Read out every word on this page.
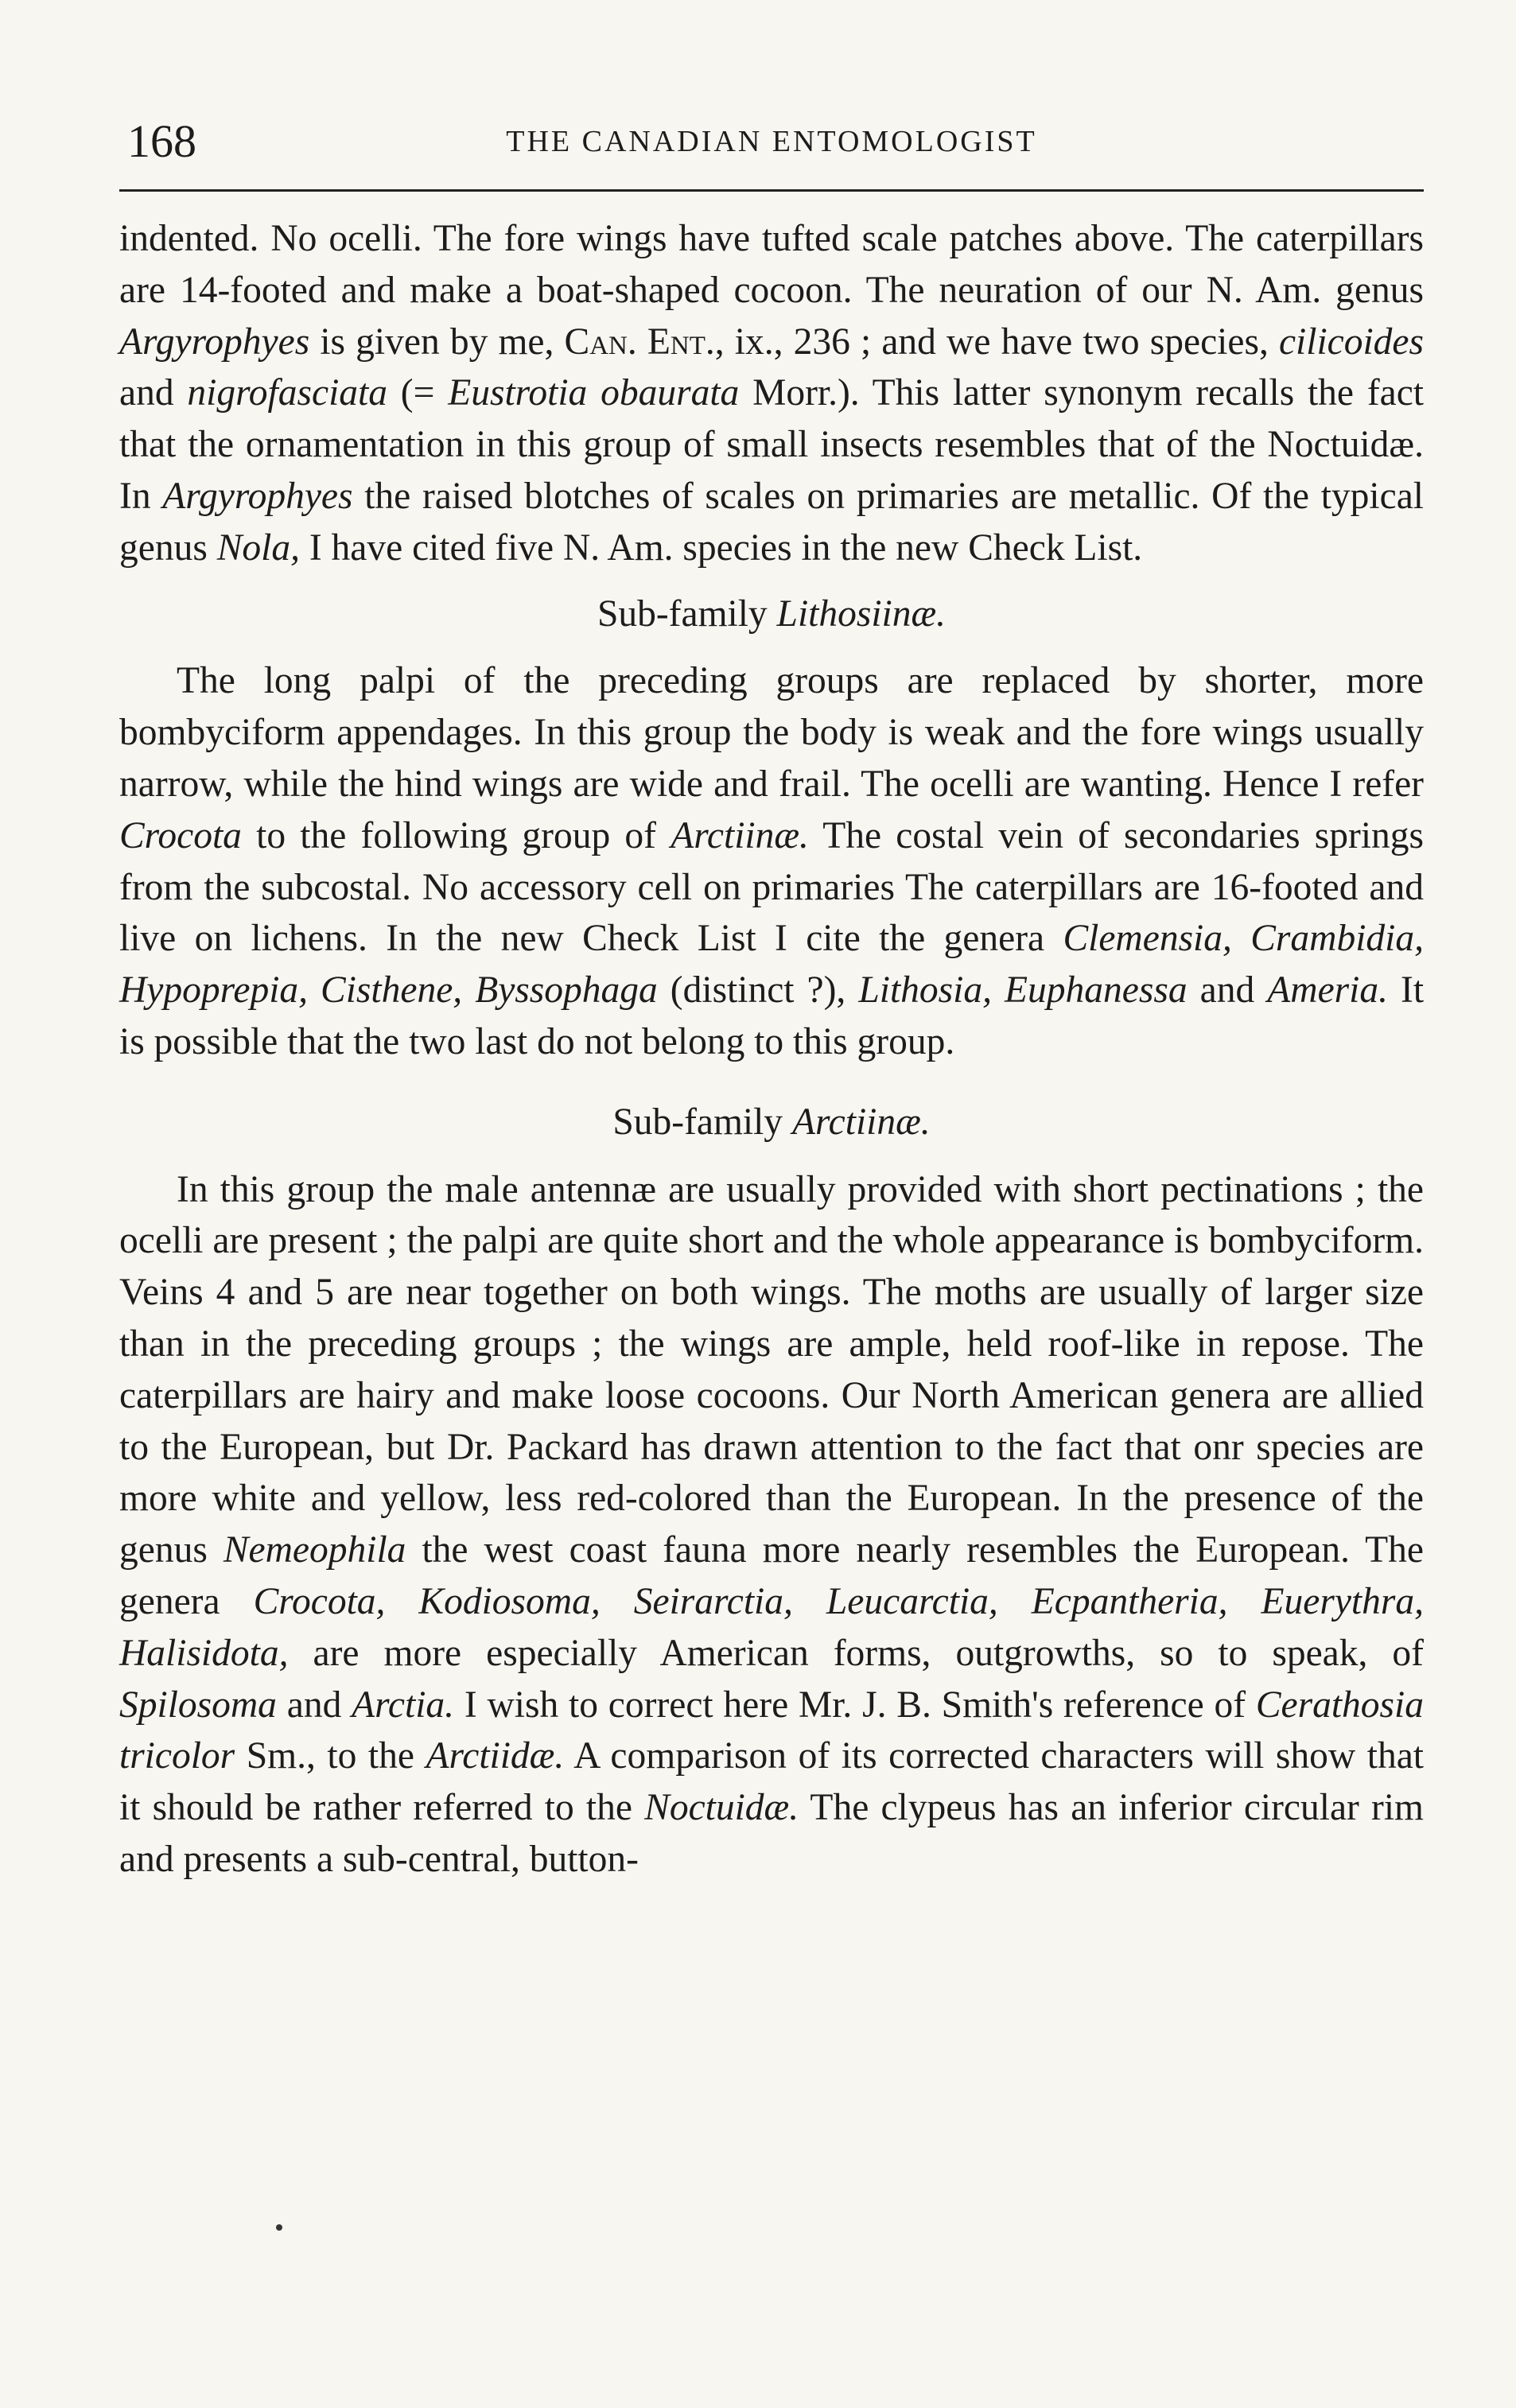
168	THE CANADIAN ENTOMOLOGIST

indented. No ocelli. The fore wings have tufted scale patches above. The caterpillars are 14-footed and make a boat-shaped cocoon. The neuration of our N. Am. genus Argyrophyes is given by me, Can. Ent., ix., 236 ; and we have two species, cilicoides and nigrofasciata (= Eustrotia obaurata Morr.). This latter synonym recalls the fact that the ornamentation in this group of small insects resembles that of the Noctuidæ. In Argyrophyes the raised blotches of scales on primaries are metallic. Of the typical genus Nola, I have cited five N. Am. species in the new Check List.

Sub-family Lithosiinæ.

The long palpi of the preceding groups are replaced by shorter, more bombyciform appendages. In this group the body is weak and the fore wings usually narrow, while the hind wings are wide and frail. The ocelli are wanting. Hence I refer Crocota to the following group of Arctiinæ. The costal vein of secondaries springs from the subcostal. No accessory cell on primaries The caterpillars are 16-footed and live on lichens. In the new Check List I cite the genera Clemensia, Crambidia, Hypoprepia, Cisthene, Byssophaga (distinct ?), Lithosia, Euphanessa and Ameria. It is possible that the two last do not belong to this group.

Sub-family Arctiinæ.

In this group the male antennæ are usually provided with short pectinations ; the ocelli are present ; the palpi are quite short and the whole appearance is bombyciform. Veins 4 and 5 are near together on both wings. The moths are usually of larger size than in the preceding groups ; the wings are ample, held roof-like in repose. The caterpillars are hairy and make loose cocoons. Our North American genera are allied to the European, but Dr. Packard has drawn attention to the fact that onr species are more white and yellow, less red-colored than the European. In the presence of the genus Nemeophila the west coast fauna more nearly resembles the European. The genera Crocota, Kodiosoma, Seirarctia, Leucarctia, Ecpantheria, Euerythra, Halisidota, are more especially American forms, outgrowths, so to speak, of Spilosoma and Arctia. I wish to correct here Mr. J. B. Smith's reference of Cerathosia tricolor Sm., to the Arctiidæ. A comparison of its corrected characters will show that it should be rather referred to the Noctuidæ. The clypeus has an inferior circular rim and presents a sub-central, button-
